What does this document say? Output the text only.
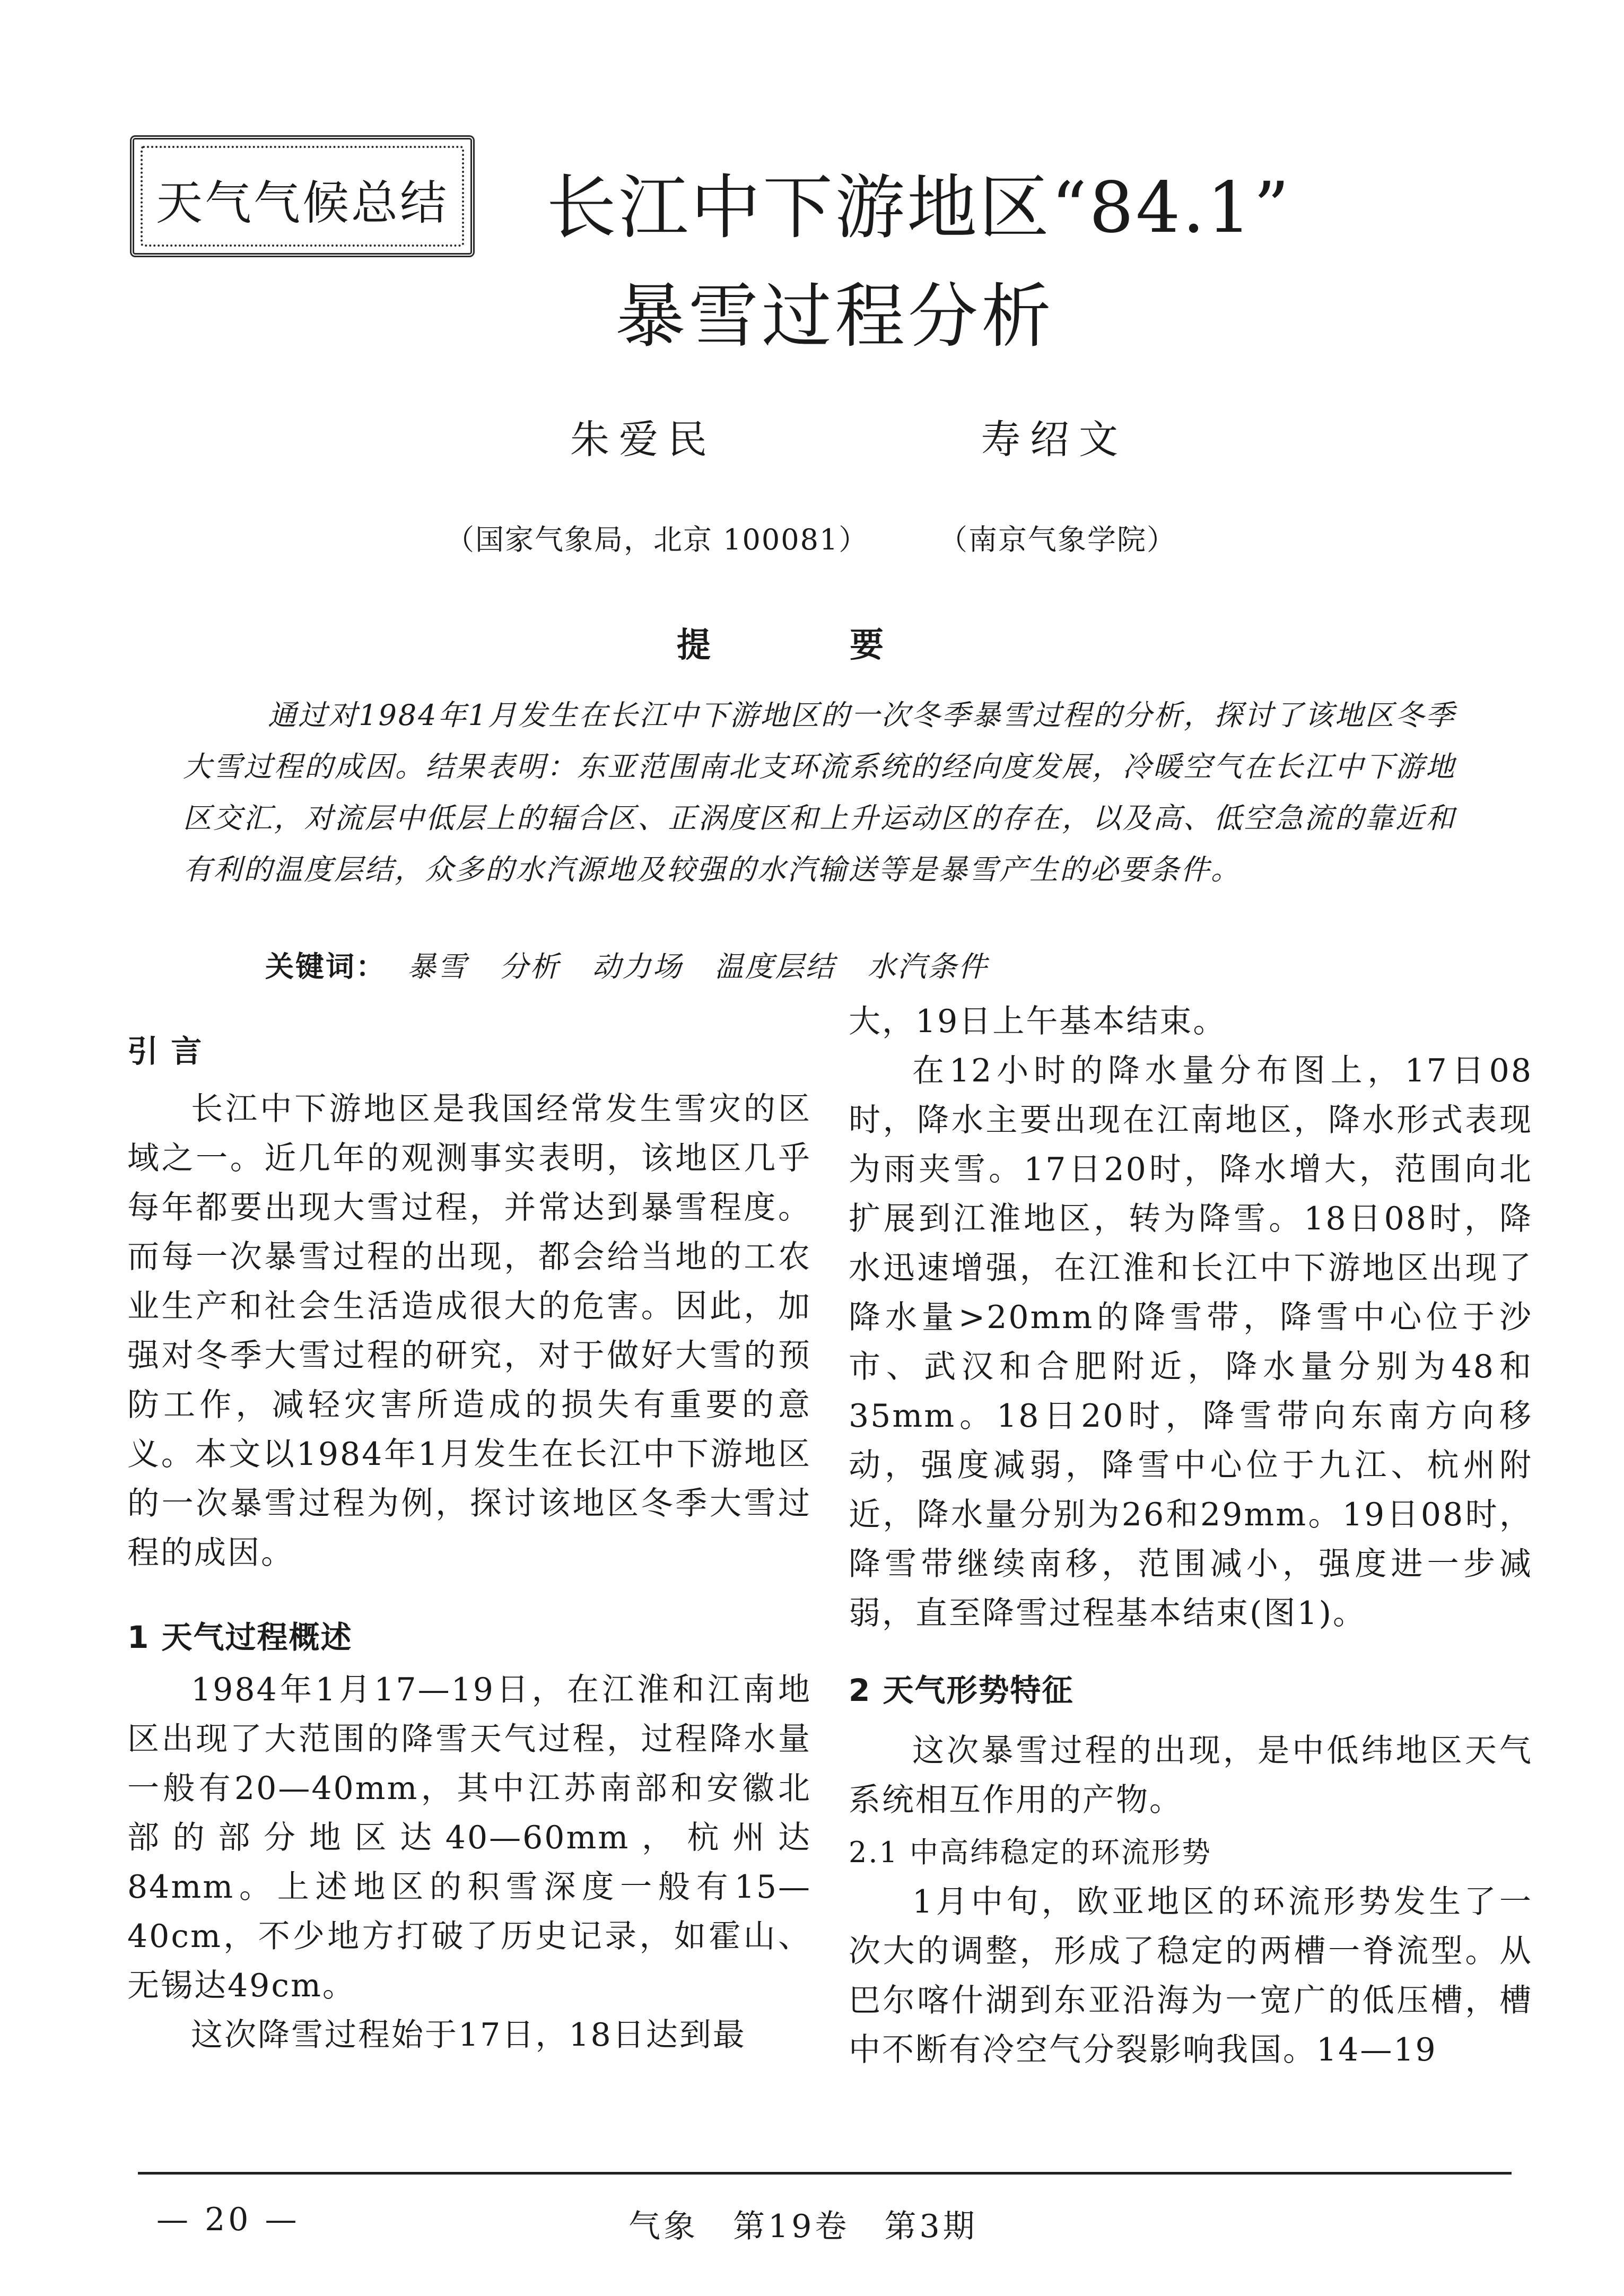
天气气候总结	长江中下游地区“84.1”
暴雪过程分析
朱爱民	寿绍文
（国家气象局，北京 100081） （南京气象学院）
提 要

通过对1984年1月发生在长江中下游地区的一次冬季暴雪过程的分析，探讨了该地区冬季大雪过程的成因。结果表明：东亚范围南北支环流系统的经向度发展，冷暖空气在长江中下游地区交汇，对流层中低层上的辐合区、正涡度区和上升运动区的存在，以及高、低空急流的靠近和有利的温度层结，众多的水汽源地及较强的水汽输送等是暴雪产生的必要条件。

关键词： 暴雪 分析 动力场 温度层结 水汽条件
引 言

长江中下游地区是我国经常发生雪灾的区域之一。近几年的观测事实表明，该地区几乎每年都要出现大雪过程，并常达到暴雪程度。而每一次暴雪过程的出现，都会给当地的工农业生产和社会生活造成很大的危害。因此，加强对冬季大雪过程的研究，对于做好大雪的预防工作，减轻灾害所造成的损失有重要的意义。本文以1984年1月发生在长江中下游地区的一次暴雪过程为例，探讨该地区冬季大雪过程的成因。

1 天气过程概述

1984年1月17—19日，在江淮和江南地区出现了大范围的降雪天气过程，过程降水量一般有20—40mm，其中江苏南部和安徽北部的部分地区达40—60mm，杭州达84mm。上述地区的积雪深度一般有15—40cm，不少地方打破了历史记录，如霍山、无锡达49cm。

这次降雪过程始于17日，18日达到最

大，19日上午基本结束。

在12小时的降水量分布图上，17日08时，降水主要出现在江南地区，降水形式表现为雨夹雪。17日20时，降水增大，范围向北扩展到江淮地区，转为降雪。18日08时，降水迅速增强，在江淮和长江中下游地区出现了降水量>20mm的降雪带，降雪中心位于沙市、武汉和合肥附近，降水量分别为48和35mm。18日20时，降雪带向东南方向移动，强度减弱，降雪中心位于九江、杭州附近，降水量分别为26和29mm。19日08时，降雪带继续南移，范围减小，强度进一步减弱，直至降雪过程基本结束(图1)。

2 天气形势特征

这次暴雪过程的出现，是中低纬地区天气系统相互作用的产物。

2.1 中高纬稳定的环流形势

1月中旬，欧亚地区的环流形势发生了一次大的调整，形成了稳定的两槽一脊流型。从巴尔喀什湖到东亚沿海为一宽广的低压槽，槽中不断有冷空气分裂影响我国。14—19

— 20 —	气象 第19卷 第3期
